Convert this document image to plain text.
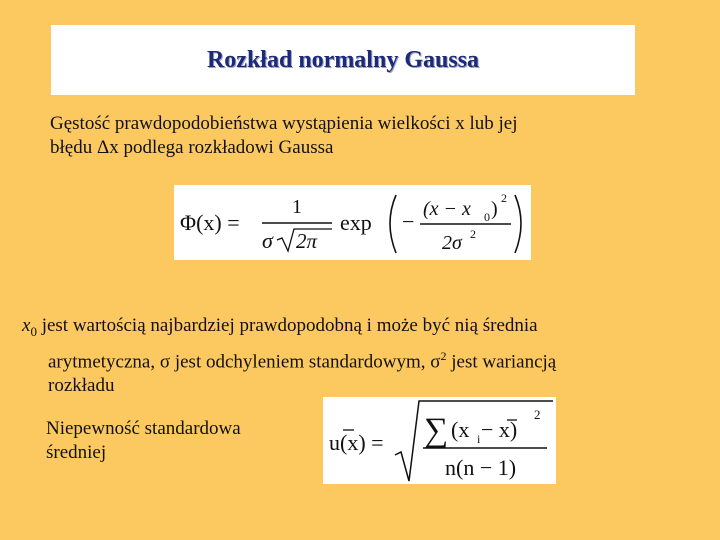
Rozkład normalny Gaussa
Gęstość prawdopodobieństwa wystąpienia wielkości x lub jej
błędu Δx podlega rozkładowi Gaussa
Φ(x) =
1
σ 2π
exp − (x − x 0 ) 2
2σ 2
$x_0$ jest wartością najbardziej prawdopodobną i może być nią średnia
arytmetyczna, σ jest odchyleniem standardowym, $\sigma^2$ jest wariancją
rozkładu
Niepewność standardowa
średniej	u(x) = ∑ (x i − x)
2
n(n − 1)
